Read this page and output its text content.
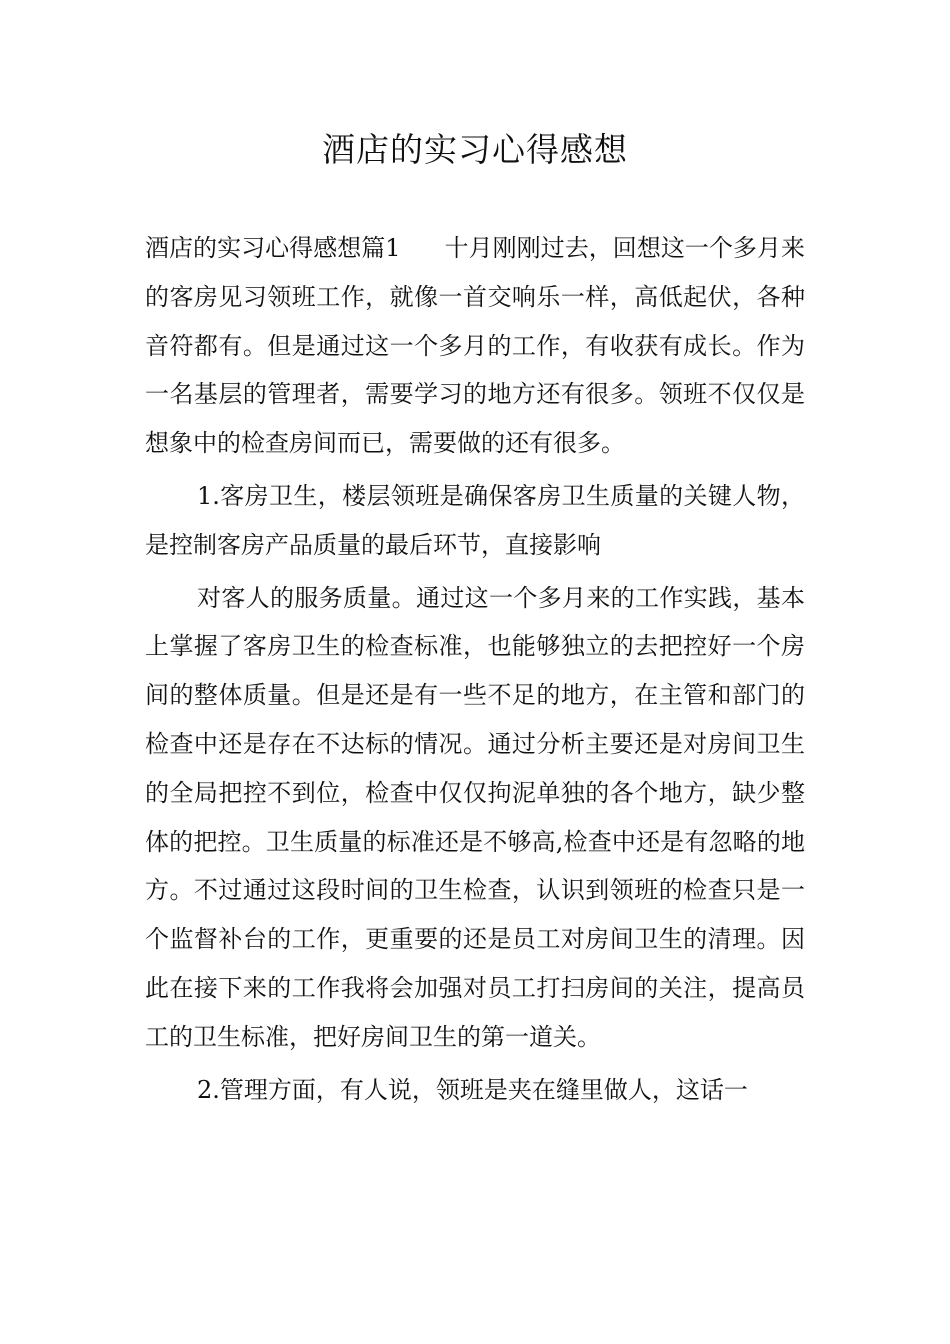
酒店的实习心得感想

酒店的实习心得感想篇1 十月刚刚过去，回想这一个多月来的客房见习领班工作，就像一首交响乐一样，高低起伏，各种音符都有。但是通过这一个多月的工作，有收获有成长。作为一名基层的管理者，需要学习的地方还有很多。领班不仅仅是想象中的检查房间而已，需要做的还有很多。

1.客房卫生，楼层领班是确保客房卫生质量的关键人物，是控制客房产品质量的最后环节，直接影响

对客人的服务质量。通过这一个多月来的工作实践，基本上掌握了客房卫生的检查标准，也能够独立的去把控好一个房间的整体质量。但是还是有一些不足的地方，在主管和部门的检查中还是存在不达标的情况。通过分析主要还是对房间卫生的全局把控不到位，检查中仅仅拘泥单独的各个地方，缺少整体的把控。卫生质量的标准还是不够高,检查中还是有忽略的地方。不过通过这段时间的卫生检查，认识到领班的检查只是一个监督补台的工作，更重要的还是员工对房间卫生的清理。因此在接下来的工作我将会加强对员工打扫房间的关注，提高员工的卫生标准，把好房间卫生的第一道关。

2.管理方面，有人说，领班是夹在缝里做人，这话一
